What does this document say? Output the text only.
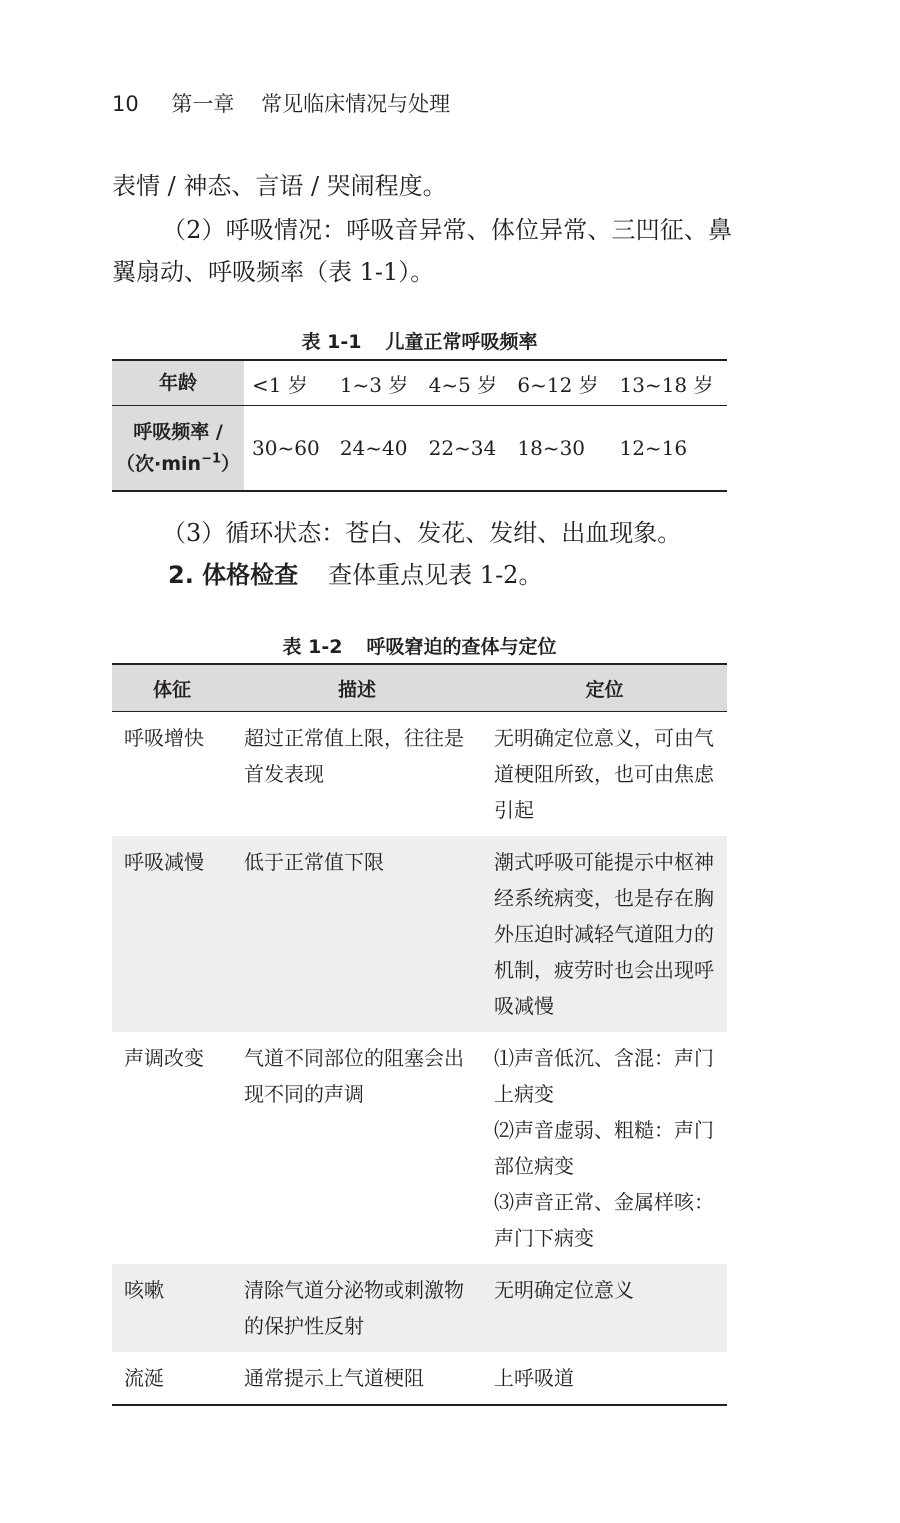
10 第一章 常见临床情况与处理

表情 / 神态、言语 / 哭闹程度。

（2）呼吸情况：呼吸音异常、体位异常、三凹征、鼻翼扇动、呼吸频率（表 1-1）。

表 1-1 儿童正常呼吸频率
年龄	<1 岁	1~3 岁	4~5 岁	6~12 岁	13~18 岁
呼吸频率 /
（次$\cdot\min^{-1}$）	30~60	24~40	22~34	18~30	12~16

（3）循环状态：苍白、发花、发绀、出血现象。

2. 体格检查 查体重点见表 1-2。

表 1-2 呼吸窘迫的查体与定位
体征	描述	定位
呼吸增快	超过正常值上限，往往是首发表现	无明确定位意义，可由气道梗阻所致，也可由焦虑引起
呼吸减慢	低于正常值下限	潮式呼吸可能提示中枢神经系统病变，也是存在胸外压迫时减轻气道阻力的机制，疲劳时也会出现呼吸减慢
声调改变	气道不同部位的阻塞会出现不同的声调	⑴声音低沉、含混：声门上病变
⑵声音虚弱、粗糙：声门部位病变
⑶声音正常、金属样咳：声门下病变

咳嗽	清除气道分泌物或刺激物的保护性反射	无明确定位意义
流涎	通常提示上气道梗阻	上呼吸道
